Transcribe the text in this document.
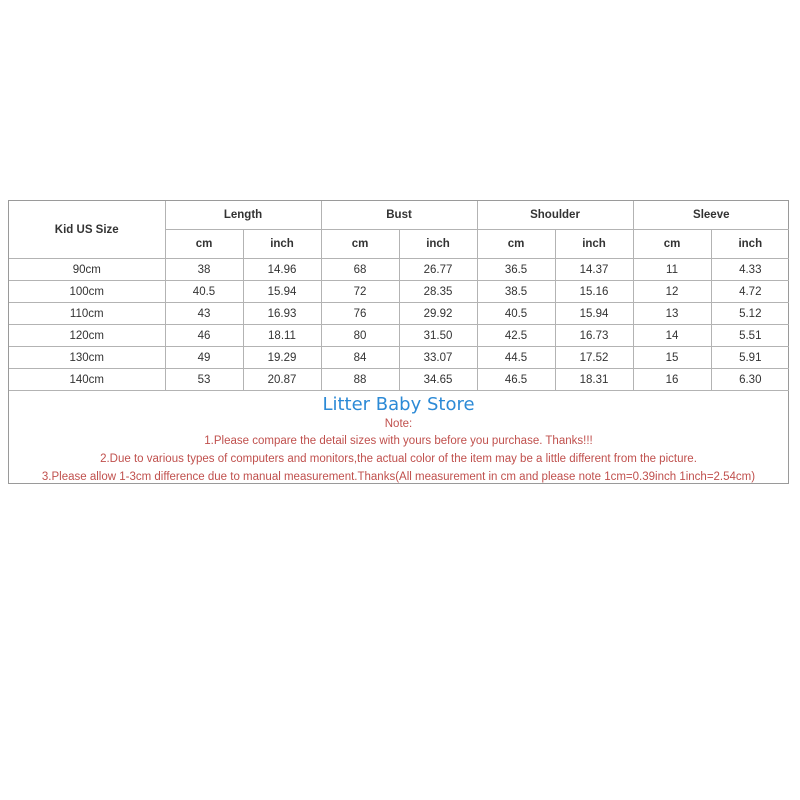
Kid US Size	Length		Bust		Shoulder		Sleeve	
	cm	inch	cm	inch	cm	inch	cm	inch
90cm	38	14.96	68	26.77	36.5	14.37	11	4.33
100cm	40.5	15.94	72	28.35	38.5	15.16	12	4.72
110cm	43	16.93	76	29.92	40.5	15.94	13	5.12
120cm	46	18.11	80	31.50	42.5	16.73	14	5.51
130cm	49	19.29	84	33.07	44.5	17.52	15	5.91
140cm	53	20.87	88	34.65	46.5	18.31	16	6.30
Litter Baby Store
Note:
1.Please compare the detail sizes with yours before you purchase. Thanks!!!
2.Due to various types of computers and monitors,the actual color of the item may be a little different from the picture.
3.Please allow 1-3cm difference due to manual measurement.Thanks(All measurement in cm and please note 1cm=0.39inch 1inch=2.54cm)
